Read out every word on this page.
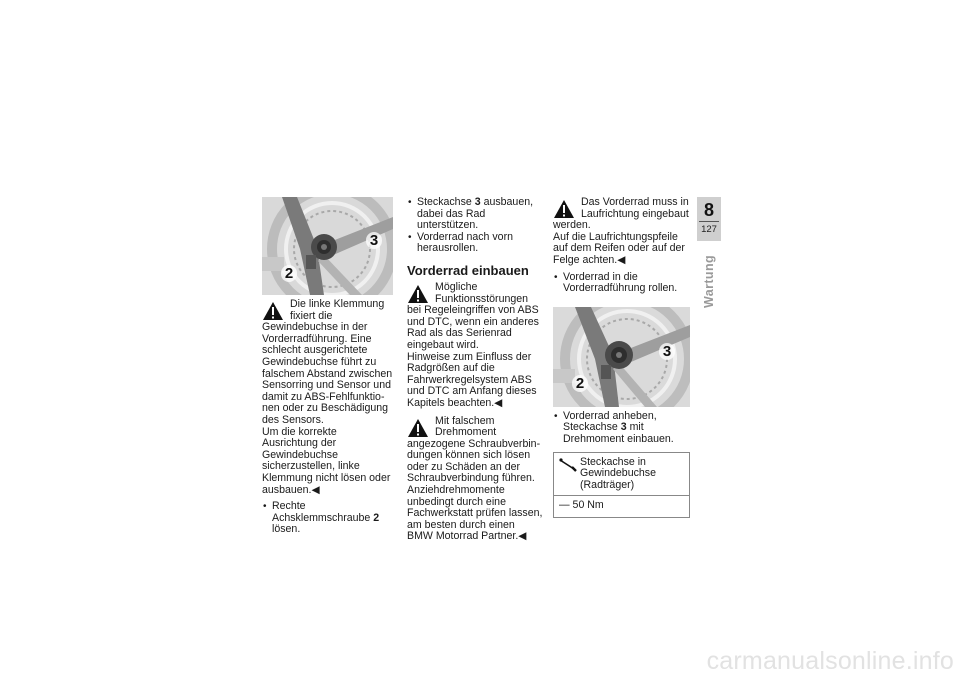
3
2

Die linke Klemmung fixiert die Gewindebuchse in der Vorderradführung. Eine schlecht ausgerichtete Gewindebuchse führt zu falschem Abstand zwischen Sensorring und Sensor und damit zu ABS-Fehlfunktionen oder zu Beschädigung des Sensors.

Um die korrekte Ausrichtung der Gewindebuchse sicherzustellen, linke Klemmung nicht lösen oder ausbauen.◀

• Rechte Achsklemmschraube 2 lösen.
• Steckachse 3 ausbauen, dabei das Rad unterstützen.
• Vorderrad nach vorn herausrollen.
Vorderrad einbauen

Mögliche Funktionsstörungen bei Regeleingriffen von ABS und DTC, wenn ein anderes Rad als das Serienrad eingebaut wird.

Hinweise zum Einfluss der Radgrößen auf die Fahrwerkregelsystem ABS und DTC am Anfang dieses Kapitels beachten.◀

Mit falschem Drehmoment angezogene Schraubverbindungen können sich lösen oder zu Schäden an der Schraubverbindung führen.

Anziehdrehmomente unbedingt durch eine Fachwerkstatt prüfen lassen, am besten durch einen BMW Motorrad Partner.◀

Das Vorderrad muss in Laufrichtung eingebaut werden.

Auf die Laufrichtungspfeile auf dem Reifen oder auf der Felge achten.◀

• Vorderrad in die Vorderradführung rollen.
3
2
• Vorderrad anheben, Steckachse 3 mit Drehmoment einbauen.
Steckachse in Gewindebuchse (Radträger)
— 50 Nm
8
127
Wartung
carmanualsonline.info
